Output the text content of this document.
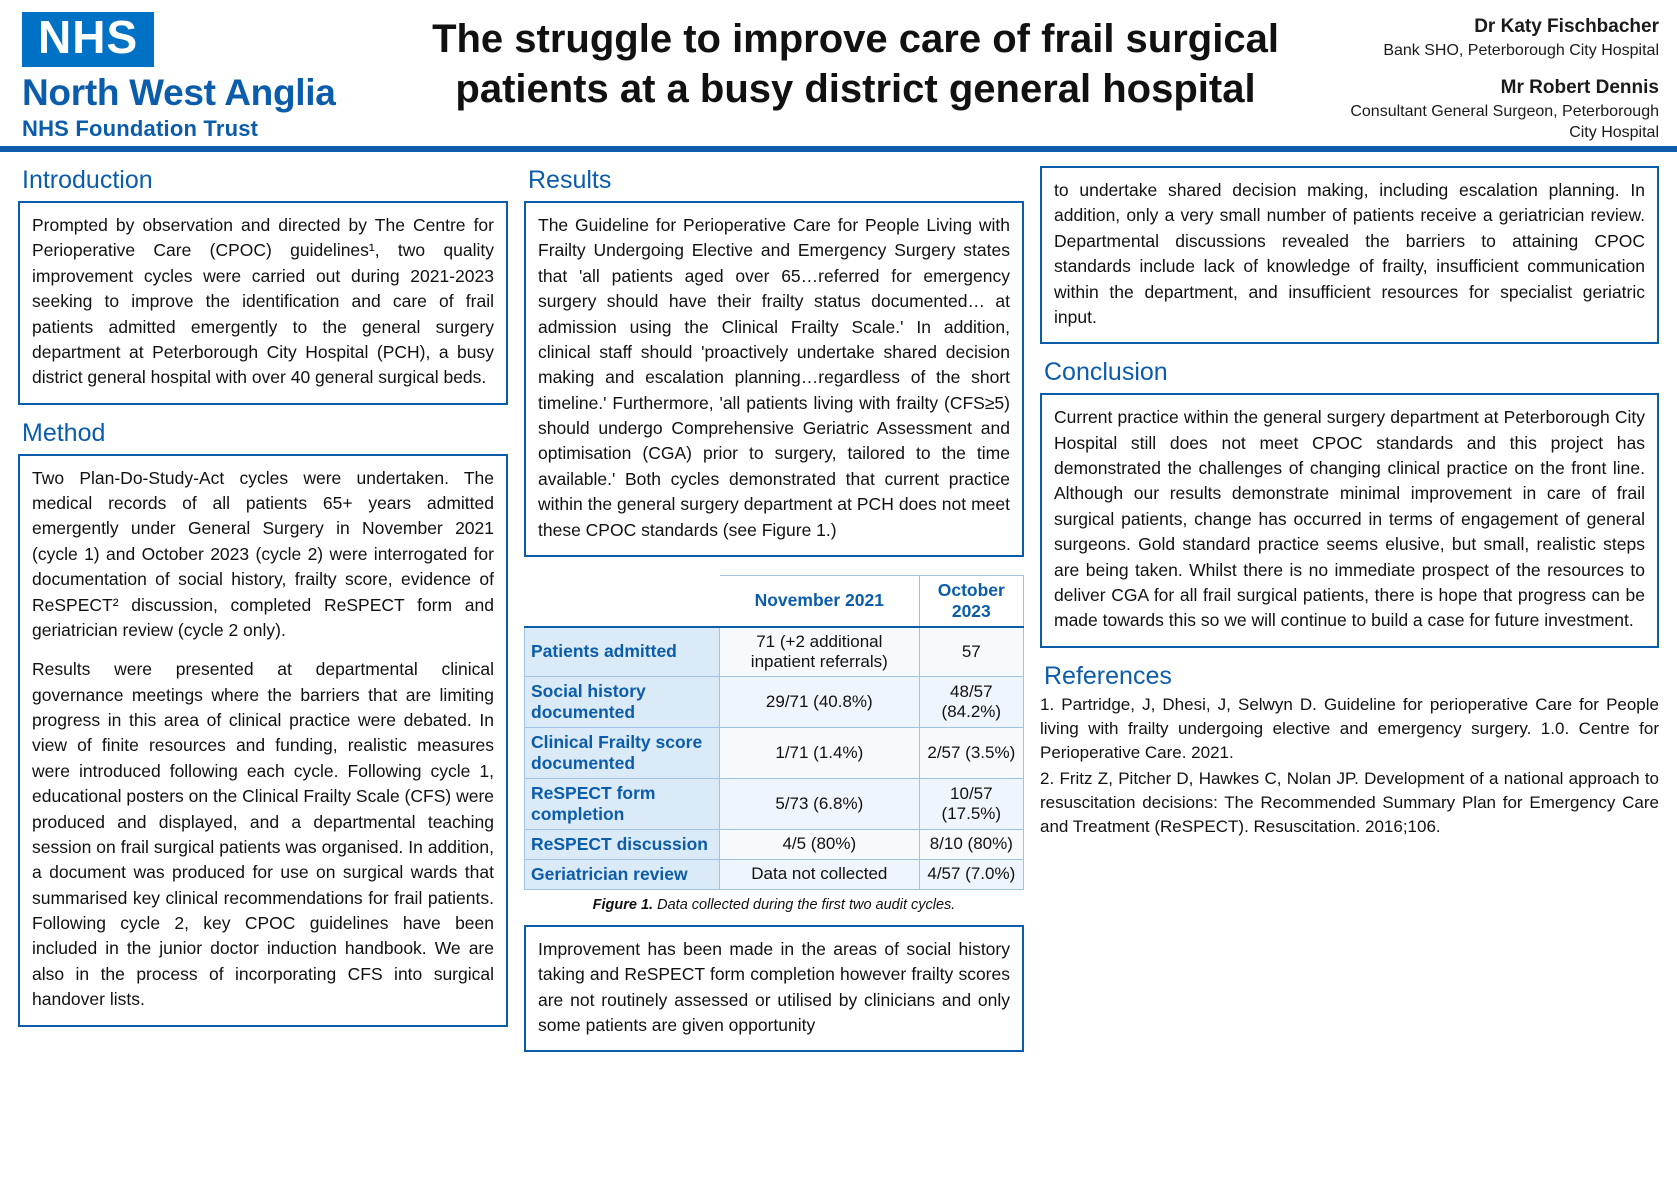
NHS
North West Anglia
NHS Foundation Trust
The struggle to improve care of frail surgical patients at a busy district general hospital
Dr Katy Fischbacher
Bank SHO, Peterborough City Hospital
Mr Robert Dennis
Consultant General Surgeon, Peterborough City Hospital
Introduction

Prompted by observation and directed by The Centre for Perioperative Care (CPOC) guidelines¹, two quality improvement cycles were carried out during 2021-2023 seeking to improve the identification and care of frail patients admitted emergently to the general surgery department at Peterborough City Hospital (PCH), a busy district general hospital with over 40 general surgical beds.

Method

Two Plan-Do-Study-Act cycles were undertaken. The medical records of all patients 65+ years admitted emergently under General Surgery in November 2021 (cycle 1) and October 2023 (cycle 2) were interrogated for documentation of social history, frailty score, evidence of ReSPECT² discussion, completed ReSPECT form and geriatrician review (cycle 2 only).

Results were presented at departmental clinical governance meetings where the barriers that are limiting progress in this area of clinical practice were debated. In view of finite resources and funding, realistic measures were introduced following each cycle. Following cycle 1, educational posters on the Clinical Frailty Scale (CFS) were produced and displayed, and a departmental teaching session on frail surgical patients was organised. In addition, a document was produced for use on surgical wards that summarised key clinical recommendations for frail patients. Following cycle 2, key CPOC guidelines have been included in the junior doctor induction handbook. We are also in the process of incorporating CFS into surgical handover lists.

Results

The Guideline for Perioperative Care for People Living with Frailty Undergoing Elective and Emergency Surgery states that 'all patients aged over 65…referred for emergency surgery should have their frailty status documented… at admission using the Clinical Frailty Scale.' In addition, clinical staff should 'proactively undertake shared decision making and escalation planning…regardless of the short timeline.' Furthermore, 'all patients living with frailty (CFS≥5) should undergo Comprehensive Geriatric Assessment and optimisation (CGA) prior to surgery, tailored to the time available.' Both cycles demonstrated that current practice within the general surgery department at PCH does not meet these CPOC standards (see Figure 1.)

	November 2021	October 2023
Patients admitted	71 (+2 additional inpatient referrals)	57
Social history documented	29/71 (40.8%)	48/57 (84.2%)
Clinical Frailty score documented	1/71 (1.4%)	2/57 (3.5%)
ReSPECT form completion	5/73 (6.8%)	10/57 (17.5%)
ReSPECT discussion	4/5 (80%)	8/10 (80%)
Geriatrician review	Data not collected	4/57 (7.0%)
Figure 1. Data collected during the first two audit cycles.

Improvement has been made in the areas of social history taking and ReSPECT form completion however frailty scores are not routinely assessed or utilised by clinicians and only some patients are given opportunity

to undertake shared decision making, including escalation planning. In addition, only a very small number of patients receive a geriatrician review. Departmental discussions revealed the barriers to attaining CPOC standards include lack of knowledge of frailty, insufficient communication within the department, and insufficient resources for specialist geriatric input.

Conclusion

Current practice within the general surgery department at Peterborough City Hospital still does not meet CPOC standards and this project has demonstrated the challenges of changing clinical practice on the front line. Although our results demonstrate minimal improvement in care of frail surgical patients, change has occurred in terms of engagement of general surgeons. Gold standard practice seems elusive, but small, realistic steps are being taken. Whilst there is no immediate prospect of the resources to deliver CGA for all frail surgical patients, there is hope that progress can be made towards this so we will continue to build a case for future investment.

References
1. Partridge, J, Dhesi, J, Selwyn D. Guideline for perioperative Care for People living with frailty undergoing elective and emergency surgery. 1.0. Centre for Perioperative Care. 2021.
2. Fritz Z, Pitcher D, Hawkes C, Nolan JP. Development of a national approach to resuscitation decisions: The Recommended Summary Plan for Emergency Care and Treatment (ReSPECT). Resuscitation. 2016;106.
